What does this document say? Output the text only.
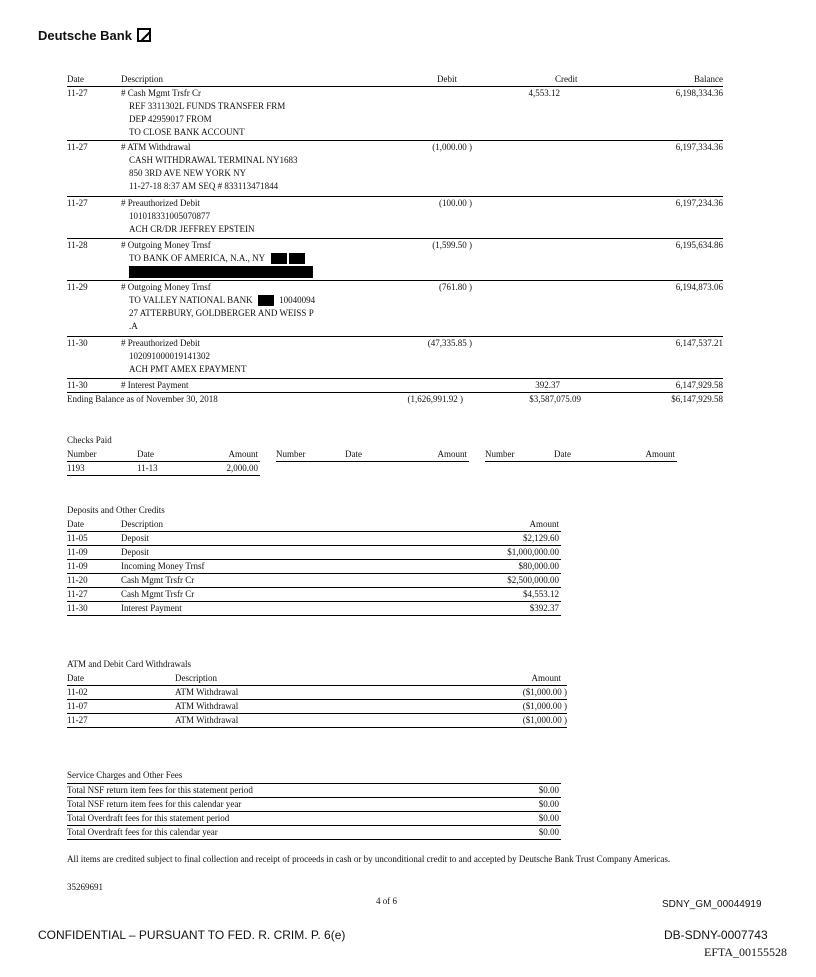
Deutsche Bank
Date	Description	Debit	Credit	Balance
11-27	# Cash Mgmt Trsfr Cr
REF 3311302L FUNDS TRANSFER FRM
DEP 42959017 FROM
TO CLOSE BANK ACCOUNT
4,553.12	6,198,334.36
11-27	# ATM Withdrawal
CASH WITHDRAWAL TERMINAL NY1683
850 3RD AVE NEW YORK NY
11-27-18 8:37 AM SEQ # 833113471844
(1,000.00 )	6,197,334.36
11-27	# Preauthorized Debit
101018331005070877
ACH CR/DR JEFFREY EPSTEIN
(100.00 )	6,197,234.36
11-28	# Outgoing Money Trnsf
TO BANK OF AMERICA, N.A., NY
(1,599.50 )	6,195,634.86
11-29	# Outgoing Money Trnsf
TO VALLEY NATIONAL BANK	10040094
27 ATTERBURY, GOLDBERGER AND WEISS P
.A
(761.80 )	6,194,873.06
11-30	# Preauthorized Debit
102091000019141302
ACH PMT AMEX EPAYMENT
(47,335.85 )	6,147,537.21
11-30	# Interest Payment	392.37	6,147,929.58
Ending Balance as of November 30, 2018	(1,626,991.92 )	$3,587,075.09	$6,147,929.58
Checks Paid
Number	Date	Amount Number	Date	Amount Number	Date	Amount
1193	11-13	2,000.00
Deposits and Other Credits
Date	Description	Amount
11-05	Deposit	$2,129.60
11-09	Deposit	$1,000,000.00
11-09	Incoming Money Trnsf	$80,000.00
11-20	Cash Mgmt Trsfr Cr	$2,500,000.00
11-27	Cash Mgmt Trsfr Cr	$4,553.12
11-30	Interest Payment	$392.37
ATM and Debit Card Withdrawals
Date	Description	Amount
11-02	ATM Withdrawal	($1,000.00 )
11-07	ATM Withdrawal	($1,000.00 )
11-27	ATM Withdrawal	($1,000.00 )
Service Charges and Other Fees
Total NSF return item fees for this statement period	$0.00
Total NSF return item fees for this calendar year	$0.00
Total Overdraft fees for this statement period	$0.00
Total Overdraft fees for this calendar year	$0.00
All items are credited subject to final collection and receipt of proceeds in cash or by unconditional credit to and accepted by Deutsche Bank Trust Company Americas.
35269691
4 of 6	SDNY_GM_00044919
CONFIDENTIAL – PURSUANT TO FED. R. CRIM. P. 6(e)	DB-SDNY-0007743
EFTA_00155528
